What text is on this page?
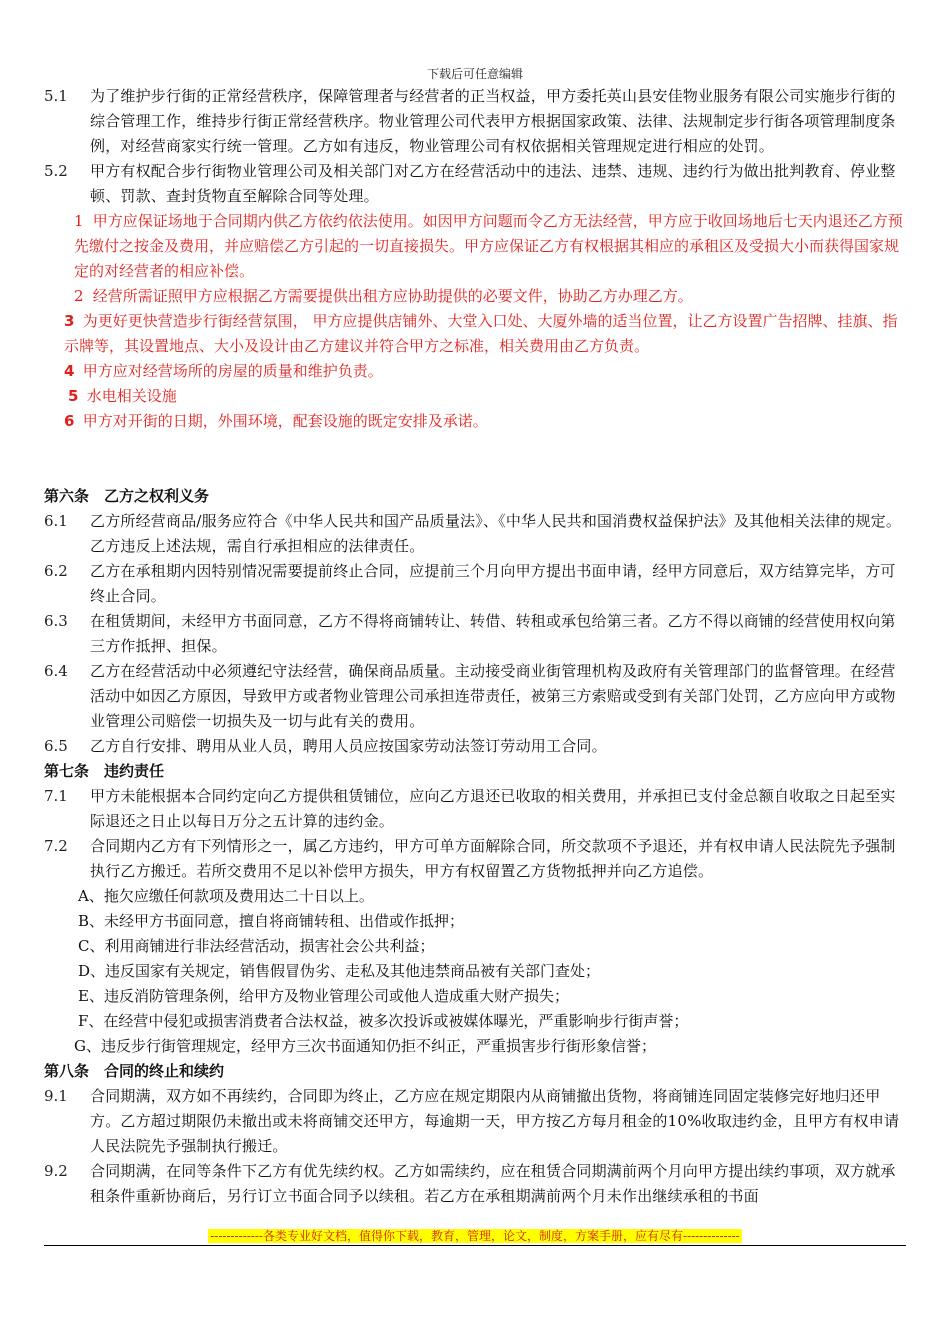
下载后可任意编辑
5.1	为了维护步行街的正常经营秩序，保障管理者与经营者的正当权益，甲方委托英山县安佳物业服务有限公司实施步行街的综合管理工作，维持步行街正常经营秩序。物业管理公司代表甲方根据国家政策、法律、法规制定步行街各项管理制度条例，对经营商家实行统一管理。乙方如有违反，物业管理公司有权依据相关管理规定进行相应的处罚。
5.2	甲方有权配合步行街物业管理公司及相关部门对乙方在经营活动中的违法、违禁、违规、违约行为做出批判教育、停业整顿、罚款、查封货物直至解除合同等处理。
1 甲方应保证场地于合同期内供乙方依约依法使用。如因甲方问题而令乙方无法经营，甲方应于收回场地后七天内退还乙方预先缴付之按金及费用，并应赔偿乙方引起的一切直接损失。甲方应保证乙方有权根据其相应的承租区及受损大小而获得国家规定的对经营者的相应补偿。
2 经营所需证照甲方应根据乙方需要提供出租方应协助提供的必要文件，协助乙方办理乙方。
3 为更好更快营造步行街经营氛围， 甲方应提供店铺外、大堂入口处、大厦外墙的适当位置，让乙方设置广告招牌、挂旗、指示牌等，其设置地点、大小及设计由乙方建议并符合甲方之标准，相关费用由乙方负责。
4 甲方应对经营场所的房屋的质量和维护负责。
5 水电相关设施
6 甲方对开街的日期，外围环境，配套设施的既定安排及承诺。
第六条　乙方之权利义务
6.1	乙方所经营商品/服务应符合《中华人民共和国产品质量法》、《中华人民共和国消费权益保护法》及其他相关法律的规定。乙方违反上述法规，需自行承担相应的法律责任。
6.2	乙方在承租期内因特别情况需要提前终止合同，应提前三个月向甲方提出书面申请，经甲方同意后，双方结算完毕，方可终止合同。
6.3	在租赁期间，未经甲方书面同意，乙方不得将商铺转让、转借、转租或承包给第三者。乙方不得以商铺的经营使用权向第三方作抵押、担保。
6.4	乙方在经营活动中必须遵纪守法经营，确保商品质量。主动接受商业街管理机构及政府有关管理部门的监督管理。在经营活动中如因乙方原因，导致甲方或者物业管理公司承担连带责任，被第三方索赔或受到有关部门处罚，乙方应向甲方或物业管理公司赔偿一切损失及一切与此有关的费用。
6.5	乙方自行安排、聘用从业人员，聘用人员应按国家劳动法签订劳动用工合同。
第七条　违约责任
7.1	甲方未能根据本合同约定向乙方提供租赁铺位，应向乙方退还已收取的相关费用，并承担已支付金总额自收取之日起至实际退还之日止以每日万分之五计算的违约金。
7.2	合同期内乙方有下列情形之一，属乙方违约，甲方可单方面解除合同，所交款项不予退还，并有权申请人民法院先予强制执行乙方搬迁。若所交费用不足以补偿甲方损失，甲方有权留置乙方货物抵押并向乙方追偿。
A、拖欠应缴任何款项及费用达二十日以上。
B、未经甲方书面同意，擅自将商铺转租、出借或作抵押；
C、利用商铺进行非法经营活动，损害社会公共利益；
D、违反国家有关规定，销售假冒伪劣、走私及其他违禁商品被有关部门查处；
E、违反消防管理条例，给甲方及物业管理公司或他人造成重大财产损失；
F、在经营中侵犯或损害消费者合法权益，被多次投诉或被媒体曝光，严重影响步行街声誉；
G、违反步行街管理规定，经甲方三次书面通知仍拒不纠正，严重损害步行街形象信誉；
第八条　合同的终止和续约
9.1	合同期满，双方如不再续约，合同即为终止，乙方应在规定期限内从商铺撤出货物，将商铺连同固定装修完好地归还甲方。乙方超过期限仍未撤出或未将商铺交还甲方，每逾期一天，甲方按乙方每月租金的10%收取违约金，且甲方有权申请人民法院先予强制执行搬迁。
9.2	合同期满，在同等条件下乙方有优先续约权。乙方如需续约，应在租赁合同期满前两个月向甲方提出续约事项，双方就承租条件重新协商后，另行订立书面合同予以续租。若乙方在承租期满前两个月未作出继续承租的书面
-------------各类专业好文档，值得你下载，教育，管理，论文，制度，方案手册，应有尽有--------------
